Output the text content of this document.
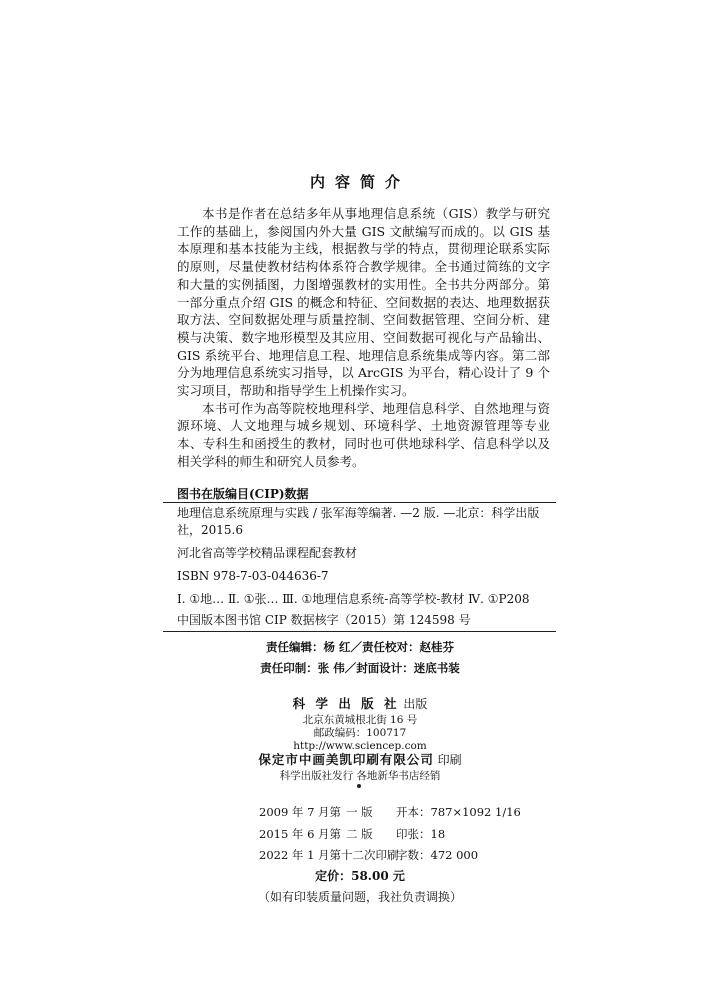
内容简介

本书是作者在总结多年从事地理信息系统（GIS）教学与研究工作的基础上，参阅国内外大量 GIS 文献编写而成的。以 GIS 基本原理和基本技能为主线，根据教与学的特点，贯彻理论联系实际的原则，尽量使教材结构体系符合教学规律。全书通过简练的文字和大量的实例插图，力图增强教材的实用性。全书共分两部分。第一部分重点介绍 GIS 的概念和特征、空间数据的表达、地理数据获取方法、空间数据处理与质量控制、空间数据管理、空间分析、建模与决策、数字地形模型及其应用、空间数据可视化与产品输出、GIS 系统平台、地理信息工程、地理信息系统集成等内容。第二部分为地理信息系统实习指导，以 ArcGIS 为平台，精心设计了 9 个实习项目，帮助和指导学生上机操作实习。

本书可作为高等院校地理科学、地理信息科学、自然地理与资源环境、人文地理与城乡规划、环境科学、土地资源管理等专业本、专科生和函授生的教材，同时也可供地球科学、信息科学以及相关学科的师生和研究人员参考。

图书在版编目(CIP)数据
地理信息系统原理与实践 / 张军海等编著. —2 版. —北京：科学出版社，2015.6
河北省高等学校精品课程配套教材
ISBN 978-7-03-044636-7
Ⅰ. ①地… Ⅱ. ①张… Ⅲ. ①地理信息系统-高等学校-教材 Ⅳ. ①P208
中国版本图书馆 CIP 数据核字（2015）第 124598 号
责任编辑：杨 红／责任校对：赵桂芬
责任印制：张 伟／封面设计：迷底书装
科 学 出 版 社 出版
北京东黄城根北街 16 号
邮政编码：100717
http://www.sciencep.com
保定市中画美凯印刷有限公司 印刷
科学出版社发行 各地新华书店经销
2009 年 7 月第 一 版 开本：787×1092 1/16
2015 年 6 月第 二 版 印张：18
2022 年 1 月第十二次印刷字数：472 000
定价：58.00 元
（如有印装质量问题，我社负责调换）
